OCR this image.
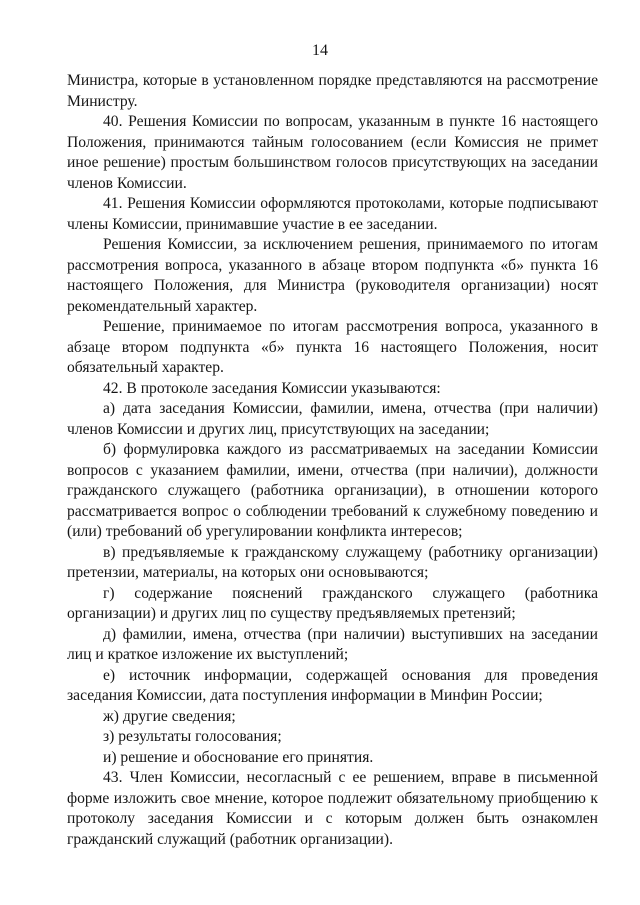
14

Министра, которые в установленном порядке представляются на рассмотрение Министру.

40. Решения Комиссии по вопросам, указанным в пункте 16 настоящего Положения, принимаются тайным голосованием (если Комиссия не примет иное решение) простым большинством голосов присутствующих на заседании членов Комиссии.

41. Решения Комиссии оформляются протоколами, которые подписывают члены Комиссии, принимавшие участие в ее заседании.

Решения Комиссии, за исключением решения, принимаемого по итогам рассмотрения вопроса, указанного в абзаце втором подпункта «б» пункта 16 настоящего Положения, для Министра (руководителя организации) носят рекомендательный характер.

Решение, принимаемое по итогам рассмотрения вопроса, указанного в абзаце втором подпункта «б» пункта 16 настоящего Положения, носит обязательный характер.

42. В протоколе заседания Комиссии указываются:

а) дата заседания Комиссии, фамилии, имена, отчества (при наличии) членов Комиссии и других лиц, присутствующих на заседании;

б) формулировка каждого из рассматриваемых на заседании Комиссии вопросов с указанием фамилии, имени, отчества (при наличии), должности гражданского служащего (работника организации), в отношении которого рассматривается вопрос о соблюдении требований к служебному поведению и (или) требований об урегулировании конфликта интересов;

в) предъявляемые к гражданскому служащему (работнику организации) претензии, материалы, на которых они основываются;

г) содержание пояснений гражданского служащего (работника организации) и других лиц по существу предъявляемых претензий;

д) фамилии, имена, отчества (при наличии) выступивших на заседании лиц и краткое изложение их выступлений;

е) источник информации, содержащей основания для проведения заседания Комиссии, дата поступления информации в Минфин России;

ж) другие сведения;

з) результаты голосования;

и) решение и обоснование его принятия.

43. Член Комиссии, несогласный с ее решением, вправе в письменной форме изложить свое мнение, которое подлежит обязательному приобщению к протоколу заседания Комиссии и с которым должен быть ознакомлен гражданский служащий (работник организации).
